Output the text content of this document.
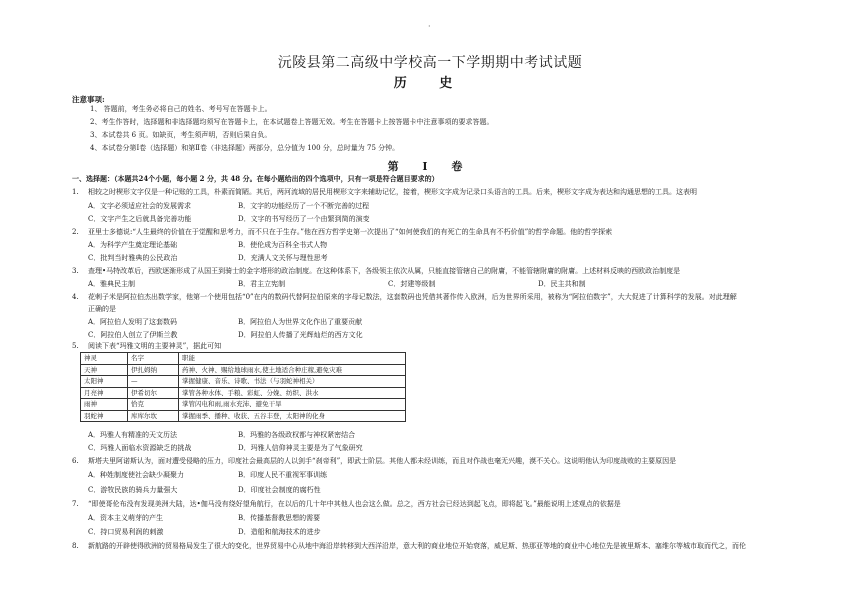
·
沅陵县第二高级中学校高一下学期期中考试试题
历 史
注意事项:
1、 答题前，考生务必将自己的姓名、考号写在答题卡上。
2、考生作答时，选择题和非选择题均须写在答题卡上，在本试题卷上答题无效。考生在答题卡上按答题卡中注意事项的要求答题。
3、本试卷共 6 页。如缺页，考生须声明，否则后果自负。
4、本试卷分第Ⅰ卷（选择题）和第Ⅱ卷（非选择题）两部分，总分值为 100 分，总时量为 75 分钟。
第 Ⅰ 卷
一、选择题：（本题共24个小题，每小题 2 分，共 48 分。在每小题给出的四个选项中，只有一项是符合题目要求的）
1. 相较之时楔形文字仅是一种记账的工具，朴素而简陋。其后，两河流域的居民用楔形文字来辅助记忆，接着，楔形文字成为记录口头语言的工具。后来，楔形文字成为表达和沟通思想的工具。这表明
A．文字必须适应社会的发展需求	B．文字的功能经历了一个不断完善的过程
C．文字产生之后就具备完善功能	D．文字的书写经历了一个由繁到简的演变
2. 亚里士多德说:“人生最终的价值在于觉醒和思考力，而不只在于生存。”他在西方哲学史第一次提出了“如何使我们的有死亡的生命具有不朽价值”的哲学命题。他的哲学探索
A．为科学产生奠定理论基础	B．使伦成为百科全书式人物
C．批判当时雅典的公民政治	D．充满人文关怀与理性思考
3. 查理•马特改革后，西欧逐渐形成了从国王到骑士的金字塔形的政治制度。在这种体系下，各级领主依次从属，只能直接管辖自己的附庸，不能管辖附庸的附庸。上述材料反映的西欧政治制度是
A．雅典民主制	B．君主立宪制	C．封建等级制	D．民主共和制
4. 花剌子米是阿拉伯杰出数学家，他第一个使用包括“0”在内的数码代替阿拉伯原来的字母记数法，这套数码也凭借其著作传入欧洲，后为世界所采用，被称为“阿拉伯数字”，大大促进了计算科学的发展。对此理解
正确的是
A．阿拉伯人发明了这套数码	B．阿拉伯人为世界文化作出了重要贡献
C．阿拉伯人创立了伊斯兰教	D．阿拉伯人传播了光辉灿烂的西方文化
5. 阅读下表“玛雅文明的主要神灵”，据此可知
神灵	名字	职能
天神	伊扎姆纳	药神、火神、赐给地球雨水,使土地适合种庄稼,避免灾难
太阳神	—	掌握健康、音乐、诗歌、书法（与羽蛇神相关）
月亮神	伊希切尔	掌管各种水体、手粮、彩虹、分娩、纺织、洪水
雨神	恰克	掌管闪电和雨,雨水充沛、避免干旱
羽蛇神	库库尔坎	掌握雨季、播种、收获、五谷丰登，太阳神的化身
A．玛雅人有精准的天文历法	B．玛雅的各级政权都与神权紧密结合
C．玛雅人面临水资源缺乏的挑战	D．玛雅人信仰神灵主要是为了气象研究
6. 斯塔夫里阿诺斯认为，面对遭受侵略的压力，印度社会最高层的人以剑手“刹帝利”，即武士阶层。其他人都未经训练，而且对作战也毫无兴趣，漠不关心。这说明他认为印度战败的主要原因是
A．种姓制度使社会缺少凝聚力	B．印度人民不重视军事训练
C．游牧民族的骑兵力量强大	D．印度社会制度的腐朽性
7. “即使哥伦布没有发现美洲大陆，达•伽马没有绕好望角航行，在以后的几十年中其他人也会这么做。总之，西方社会已经达到起飞点，即将起飞。”最能说明上述观点的依据是
A．资本主义萌芽的产生	B．传播基督教思想的需要
C．持口贸易利润的刺激	D．造船和航海技术的进步
8. 新航路的开辟使得欧洲的贸易格局发生了很大的变化，世界贸易中心从地中海沿岸转移到大西洋沿岸，意大利的商业地位开始衰落，威尼斯、热那亚等地的商业中心地位先是被里斯本、塞维尔等城市取而代之，而伦
